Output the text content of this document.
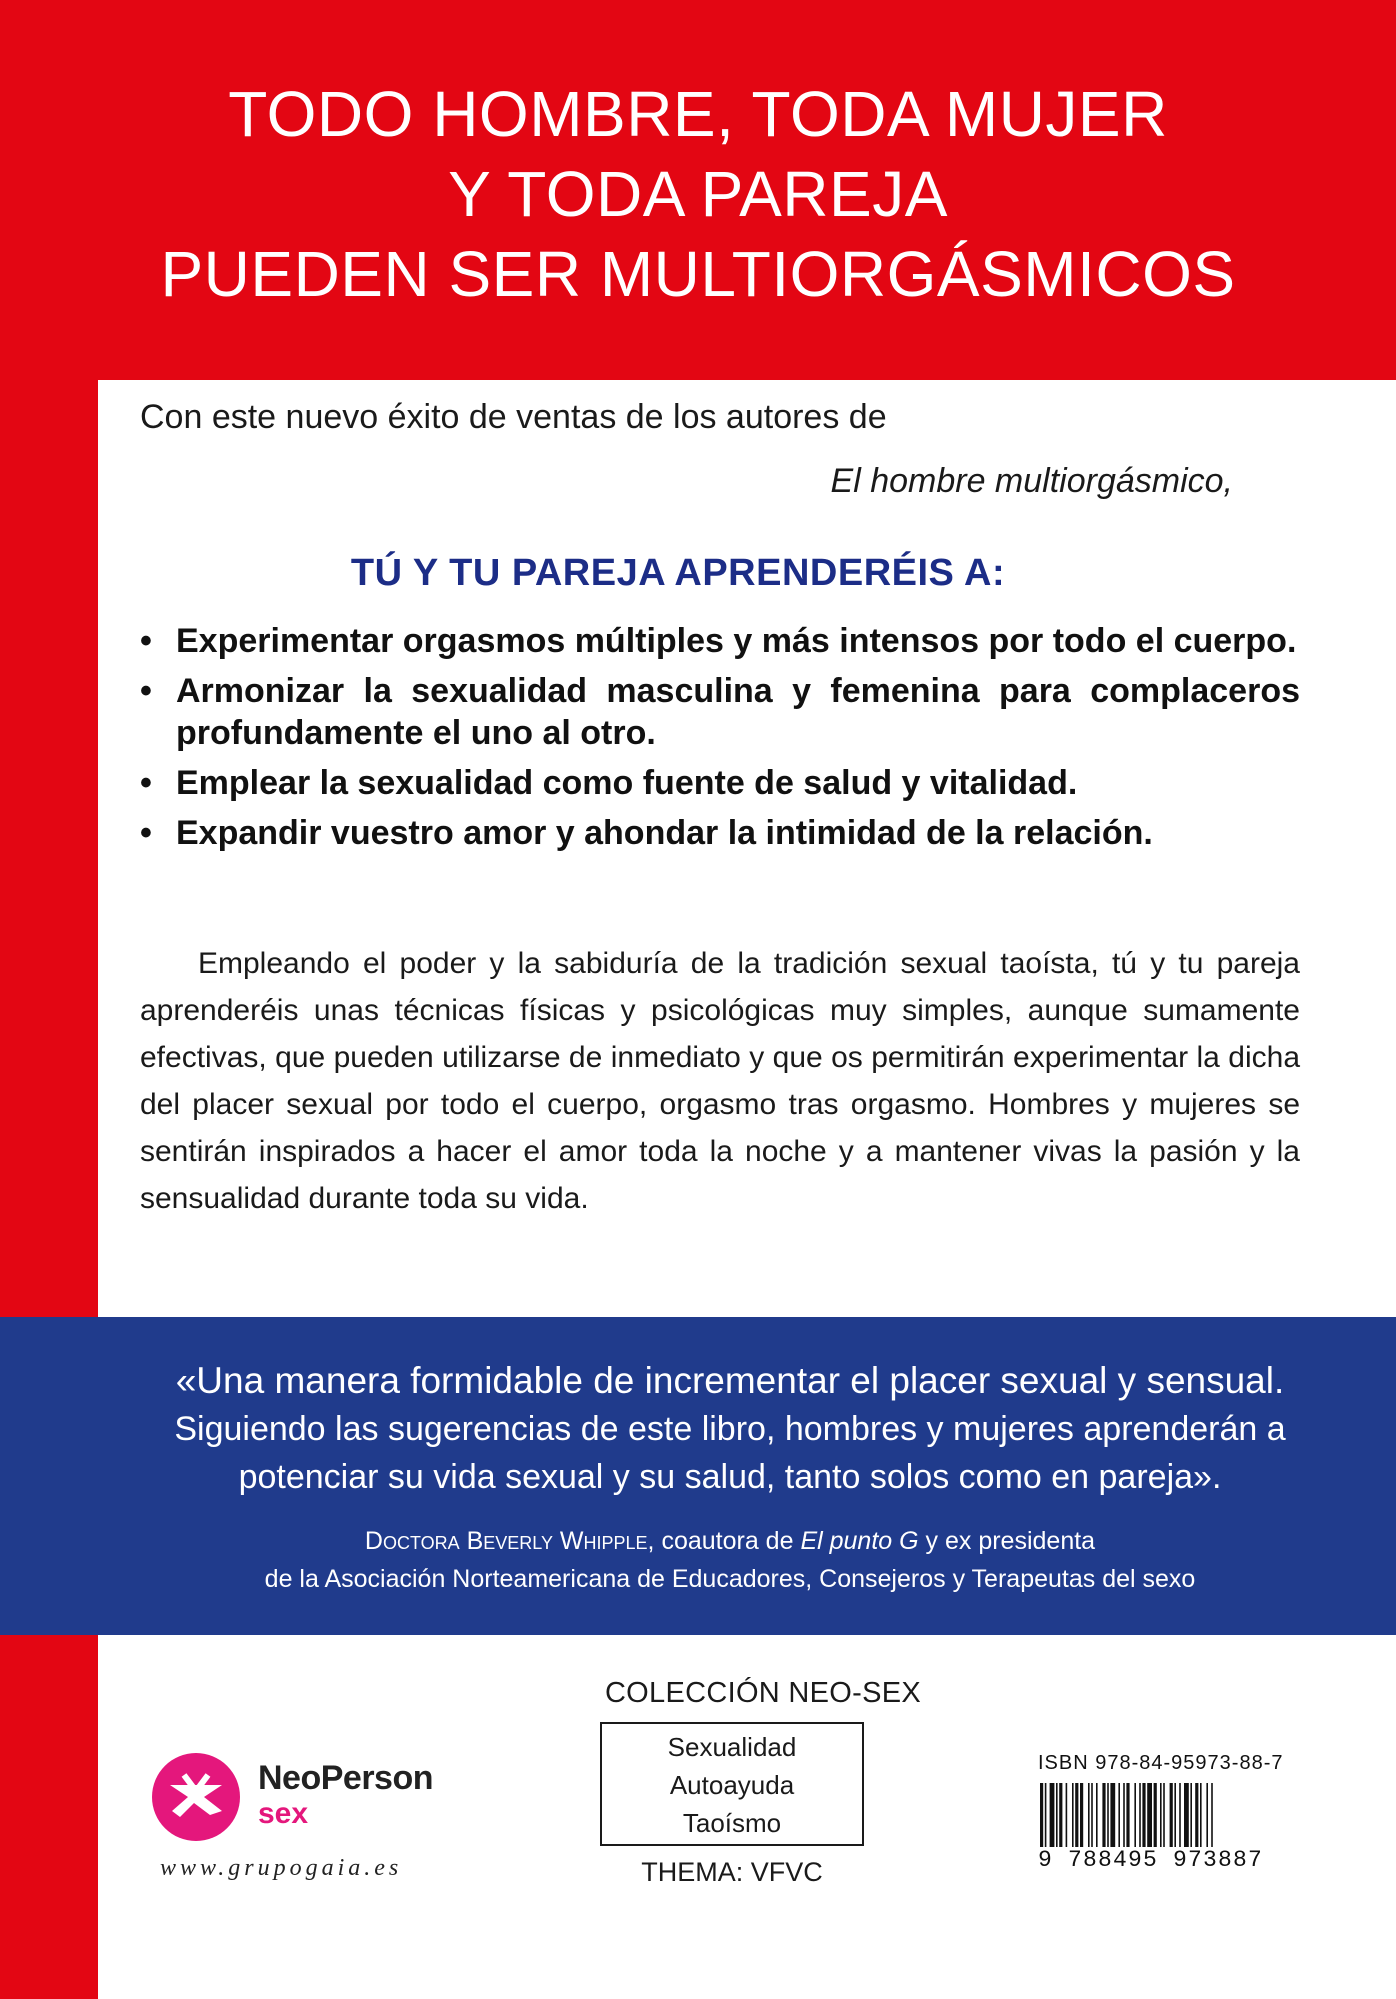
TODO HOMBRE, TODA MUJER
Y TODA PAREJA
PUEDEN SER MULTIORGÁSMICOS
Con este nuevo éxito de ventas de los autores de
El hombre multiorgásmico,
TÚ Y TU PAREJA APRENDERÉIS A:
• Experimentar orgasmos múltiples y más intensos por todo el cuerpo.
• Armonizar la sexualidad masculina y femenina para complaceros profundamente el uno al otro.
• Emplear la sexualidad como fuente de salud y vitalidad.
• Expandir vuestro amor y ahondar la intimidad de la relación.

Empleando el poder y la sabiduría de la tradición sexual taoísta, tú y tu pareja aprenderéis unas técnicas físicas y psicológicas muy simples, aunque sumamente efectivas, que pueden utilizarse de inmediato y que os permitirán experimentar la dicha del placer sexual por todo el cuerpo, orgasmo tras orgasmo. Hombres y mujeres se sentirán inspirados a hacer el amor toda la noche y a mantener vivas la pasión y la sensualidad durante toda su vida.

«Una manera formidable de incrementar el placer sexual y sensual.
Siguiendo las sugerencias de este libro, hombres y mujeres aprenderán a potenciar su vida sexual y su salud, tanto solos como en pareja».
Doctora Beverly Whipple, coautora de El punto G y ex presidenta
de la Asociación Norteamericana de Educadores, Consejeros y Terapeutas del sexo
NeoPerson
sex
www.grupogaia.es
COLECCIÓN NEO-SEX
Sexualidad
Autoayuda
Taoísmo
THEMA: VFVC
ISBN 978-84-95973-88-7
9 788495 973887
